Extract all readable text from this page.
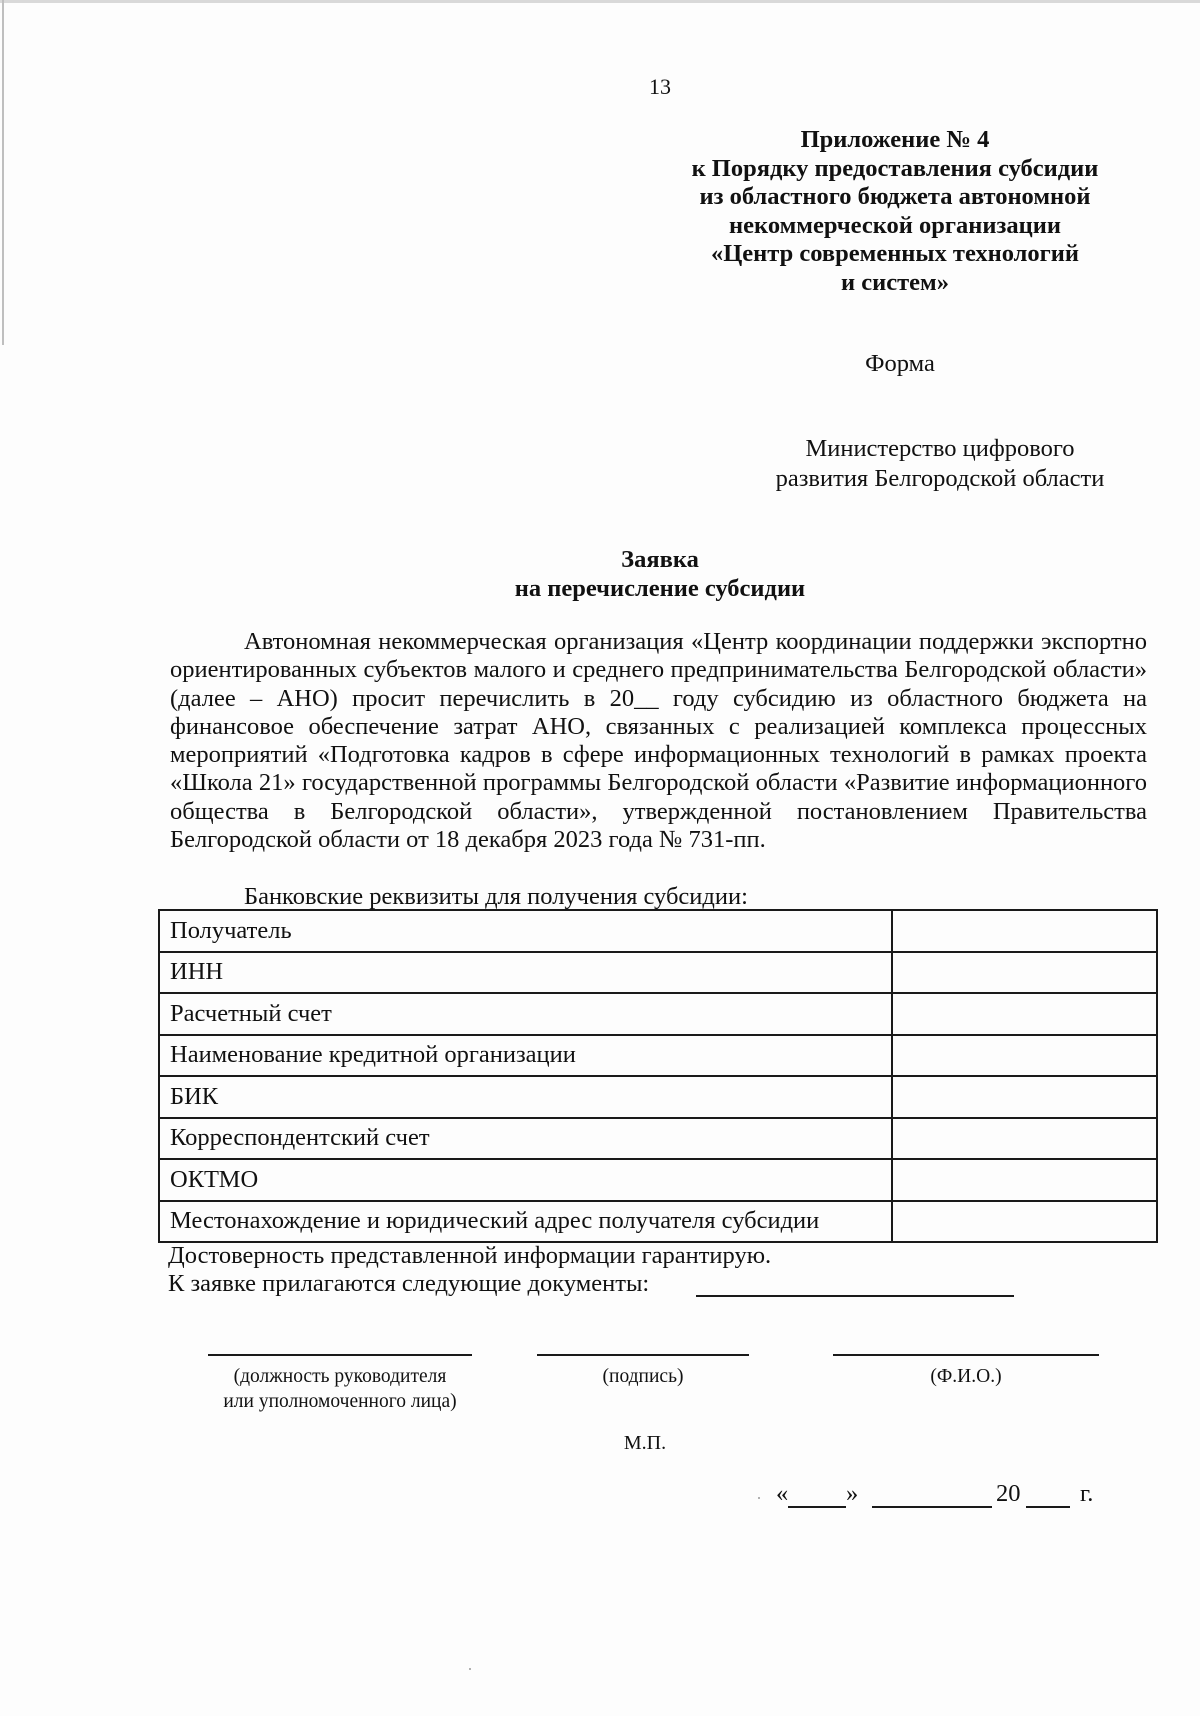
13
Приложение № 4
к Порядку предоставления субсидии
из областного бюджета автономной
некоммерческой организации
«Центр современных технологий
и систем»
Форма
Министерство цифрового
развития Белгородской области
Заявка
на перечисление субсидии

Автономная некоммерческая организация «Центр координации поддержки экспортно ориентированных субъектов малого и среднего предпринимательства Белгородской области» (далее – АНО) просит перечислить в 20__ году субсидию из областного бюджета на финансовое обеспечение затрат АНО, связанных с реализацией комплекса процессных мероприятий «Подготовка кадров в сфере информационных технологий в рамках проекта «Школа 21» государственной программы Белгородской области «Развитие информационного общества в Белгородской области», утвержденной постановлением Правительства Белгородской области от 18 декабря 2023 года № 731-пп.

Банковские реквизиты для получения субсидии:
Получатель	
ИНН	
Расчетный счет	
Наименование кредитной организации	
БИК	
Корреспондентский счет	
ОКТМО	
Местонахождение и юридический адрес получателя субсидии	
Достоверность представленной информации гарантирую.
К заявке прилагаются следующие документы:
(должность руководителя
или уполномоченного лица)
(подпись)	(Ф.И.О.)
М.П.
« »	20 г.
